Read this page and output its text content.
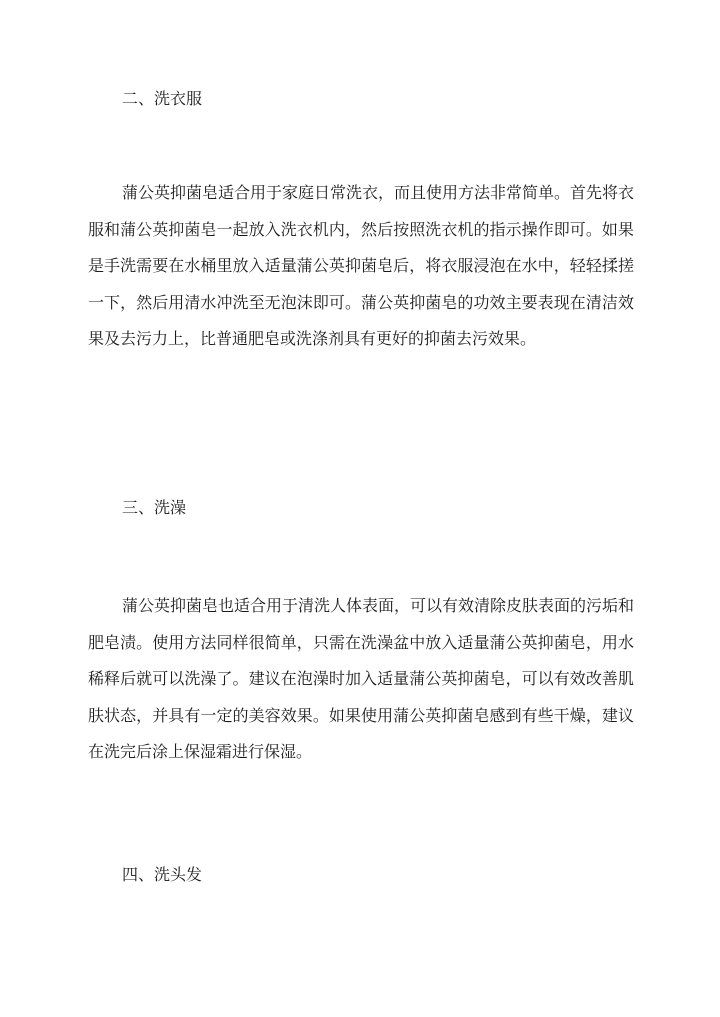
二、洗衣服

蒲公英抑菌皂适合用于家庭日常洗衣，而且使用方法非常简单。首先将衣服和蒲公英抑菌皂一起放入洗衣机内，然后按照洗衣机的指示操作即可。如果是手洗需要在水桶里放入适量蒲公英抑菌皂后，将衣服浸泡在水中，轻轻揉搓一下，然后用清水冲洗至无泡沫即可。蒲公英抑菌皂的功效主要表现在清洁效果及去污力上，比普通肥皂或洗涤剂具有更好的抑菌去污效果。

三、洗澡

蒲公英抑菌皂也适合用于清洗人体表面，可以有效清除皮肤表面的污垢和肥皂渍。使用方法同样很简单，只需在洗澡盆中放入适量蒲公英抑菌皂，用水稀释后就可以洗澡了。建议在泡澡时加入适量蒲公英抑菌皂，可以有效改善肌肤状态，并具有一定的美容效果。如果使用蒲公英抑菌皂感到有些干燥，建议在洗完后涂上保湿霜进行保湿。

四、洗头发
